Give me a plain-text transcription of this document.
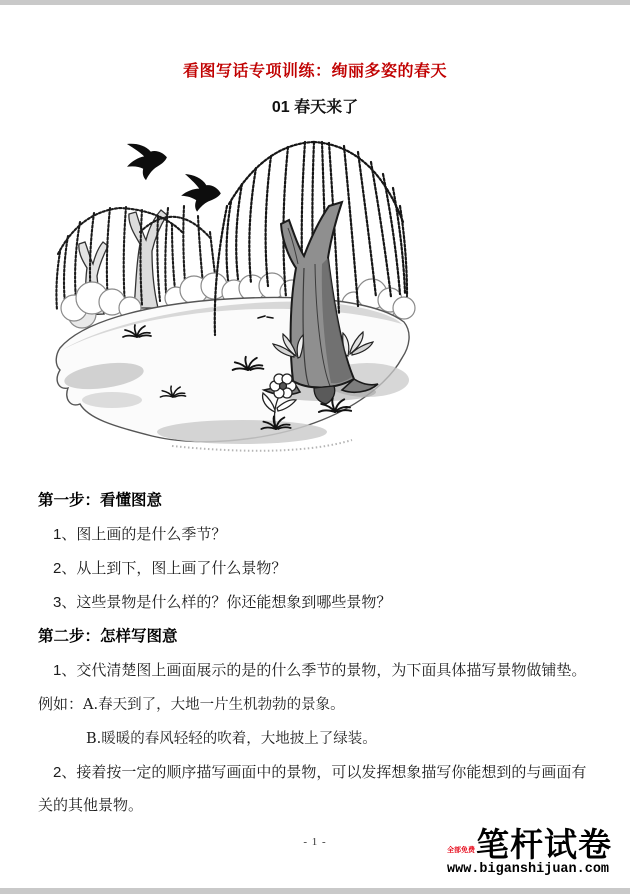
看图写话专项训练：绚丽多姿的春天
01 春天来了
第一步：看懂图意
1、图上画的是什么季节？
2、从上到下，图上画了什么景物？
3、这些景物是什么样的？你还能想象到哪些景物？
第二步：怎样写图意
1、交代清楚图上画面展示的是的什么季节的景物，为下面具体描写景物做铺垫。
例如：A.春天到了，大地一片生机勃勃的景象。
B.暖暖的春风轻轻的吹着，大地披上了绿装。
2、接着按一定的顺序描写画面中的景物，可以发挥想象描写你能想到的与画面有关的其他景物。
- 1 -
全部免费 笔杆试卷
www.biganshijuan.com
